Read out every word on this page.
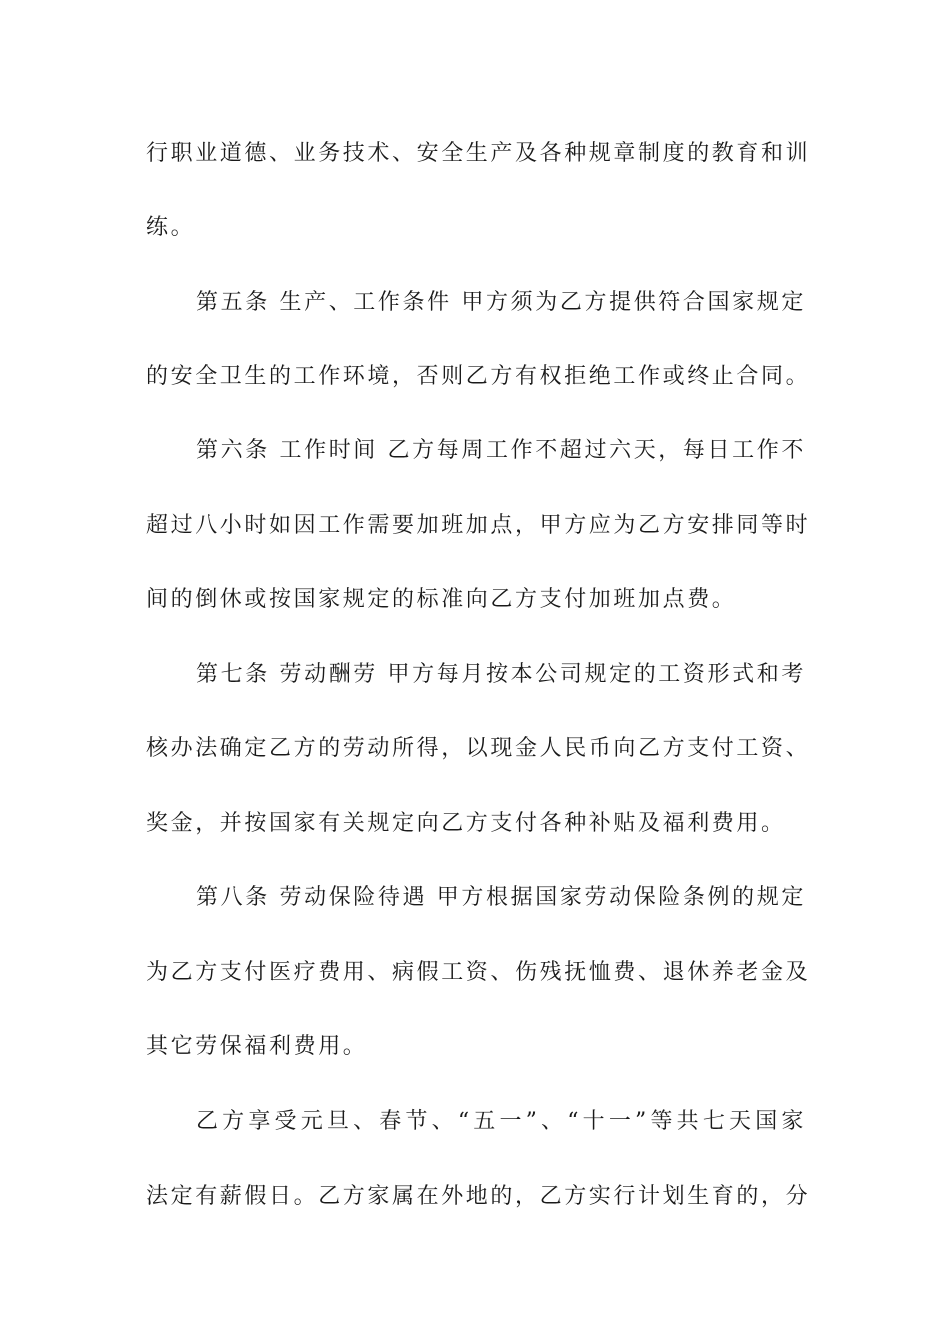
行职业道德、业务技术、安全生产及各种规章制度的教育和训
练。
第五条 生产、工作条件 甲方须为乙方提供符合国家规定
的安全卫生的工作环境，否则乙方有权拒绝工作或终止合同。
第六条 工作时间 乙方每周工作不超过六天，每日工作不
超过八小时如因工作需要加班加点，甲方应为乙方安排同等时
间的倒休或按国家规定的标准向乙方支付加班加点费。
第七条 劳动酬劳 甲方每月按本公司规定的工资形式和考
核办法确定乙方的劳动所得，以现金人民币向乙方支付工资、
奖金，并按国家有关规定向乙方支付各种补贴及福利费用。
第八条 劳动保险待遇 甲方根据国家劳动保险条例的规定
为乙方支付医疗费用、病假工资、伤残抚恤费、退休养老金及
其它劳保福利费用。
乙方享受元旦、春节、“五一”、“十一”等共七天国家
法定有薪假日。乙方家属在外地的，乙方实行计划生育的，分
